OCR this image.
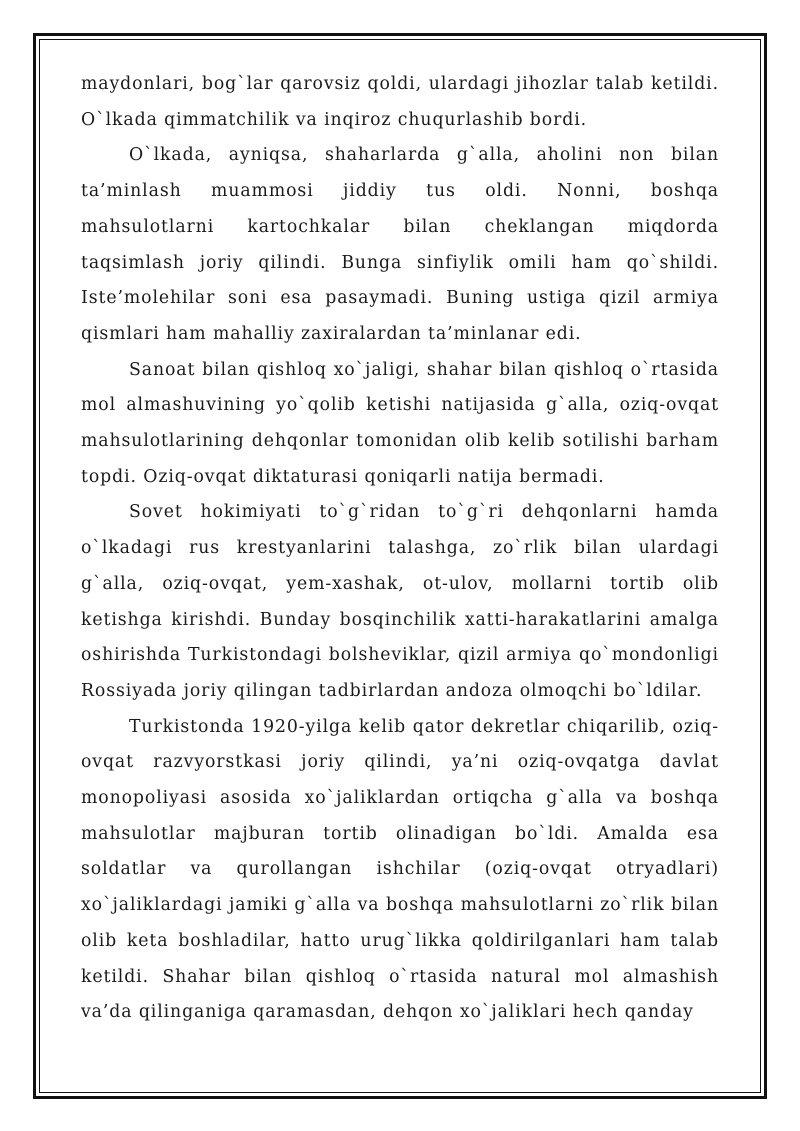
maydonlari, bog`lar qarovsiz qoldi, ulardagi jihozlar talab ketildi. O`lkada qimmatchilik va inqiroz chuqurlashib bordi.

O`lkada, ayniqsa, shaharlarda g`alla, aholini non bilan ta’minlash muammosi jiddiy tus oldi. Nonni, boshqa mahsulotlarni kartochkalar bilan cheklangan miqdorda taqsimlash joriy qilindi. Bunga sinfiylik omili ham qo`shildi. Iste’molehilar soni esa pasaymadi. Buning ustiga qizil armiya qismlari ham mahalliy zaxiralardan ta’minlanar edi.

Sanoat bilan qishloq xo`jaligi, shahar bilan qishloq o`rtasida mol almashuvining yo`qolib ketishi natijasida g`alla, oziq-ovqat mahsulotlarining dehqonlar tomonidan olib kelib sotilishi barham topdi. Oziq-ovqat diktaturasi qoniqarli natija bermadi.

Sovet hokimiyati to`g`ridan to`g`ri dehqonlarni hamda o`lkadagi rus krestyanlarini talashga, zo`rlik bilan ulardagi g`alla, oziq-ovqat, yem-xashak, ot-ulov, mollarni tortib olib ketishga kirishdi. Bunday bosqinchilik xatti-harakatlarini amalga oshirishda Turkistondagi bolsheviklar, qizil armiya qo`mondonligi Rossiyada joriy qilingan tadbirlardan andoza olmoqchi bo`ldilar.

Turkistonda 1920-yilga kelib qator dekretlar chiqarilib, oziq-ovqat razvyorstkasi joriy qilindi, ya’ni oziq-ovqatga davlat monopoliyasi asosida xo`jaliklardan ortiqcha g`alla va boshqa mahsulotlar majburan tortib olinadigan bo`ldi. Amalda esa soldatlar va qurollangan ishchilar (oziq-ovqat otryadlari) xo`jaliklardagi jamiki g`alla va boshqa mahsulotlarni zo`rlik bilan olib keta boshladilar, hatto urug`likka qoldirilganlari ham talab ketildi. Shahar bilan qishloq o`rtasida natural mol almashish va’da qilinganiga qaramasdan, dehqon xo`jaliklari hech qanday
